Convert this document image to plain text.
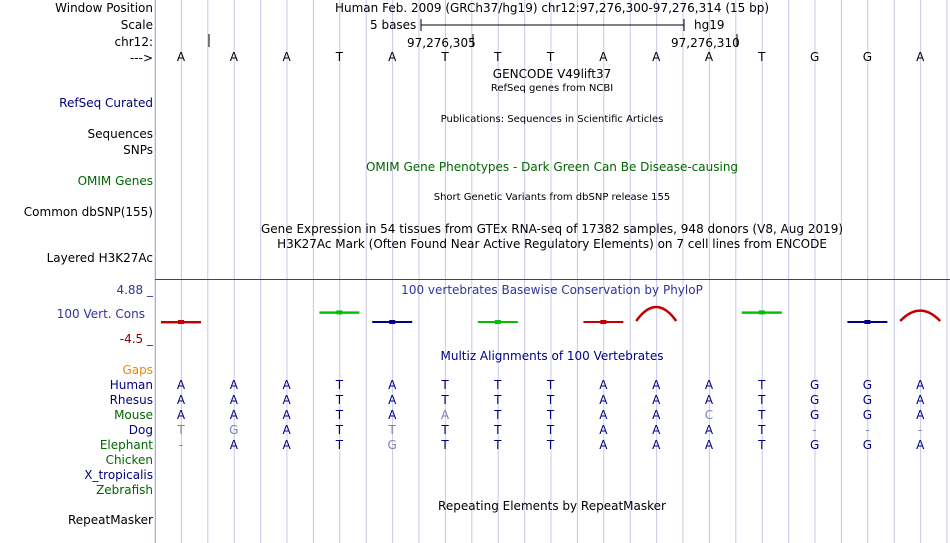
Window Position
Scale
chr12:
--->
Human Feb. 2009 (GRCh37/hg19) chr12:97,276,300-97,276,314 (15 bp)
5 bases	hg19
97,276,305	97,276,310
A	A	A	T	A	T	T	T	A	A	A	T	G	G	A
GENCODE V49lift37
RefSeq genes from NCBI
RefSeq Curated
Publications: Sequences in Scientific Articles
Sequences
SNPs
OMIM Gene Phenotypes - Dark Green Can Be Disease-causing
OMIM Genes
Short Genetic Variants from dbSNP release 155
Common dbSNP(155)
Gene Expression in 54 tissues from GTEx RNA-seq of 17382 samples, 948 donors (V8, Aug 2019)
H3K27Ac Mark (Often Found Near Active Regulatory Elements) on 7 cell lines from ENCODE
Layered H3K27Ac
100 vertebrates Basewise Conservation by PhyloP
4.88 _
100 Vert. Cons
-4.5 _
Multiz Alignments of 100 Vertebrates
Gaps
Human	A	A	A	T	A	T	T	T	A	A	A	T	G	G	A
Rhesus	A	A	A	T	A	T	T	T	A	A	A	T	G	G	A
Mouse	A	A	A	T	A	A	T	T	A	A	C	T	G	G	A
Dog	T	G	A	T	T	T	T	T	A	A	A	T	-	-	-
Elephant	-	A	A	T	G	T	T	T	A	A	A	T	G	G	A
Chicken
X_tropicalis
Zebrafish
Repeating Elements by RepeatMasker
RepeatMasker
